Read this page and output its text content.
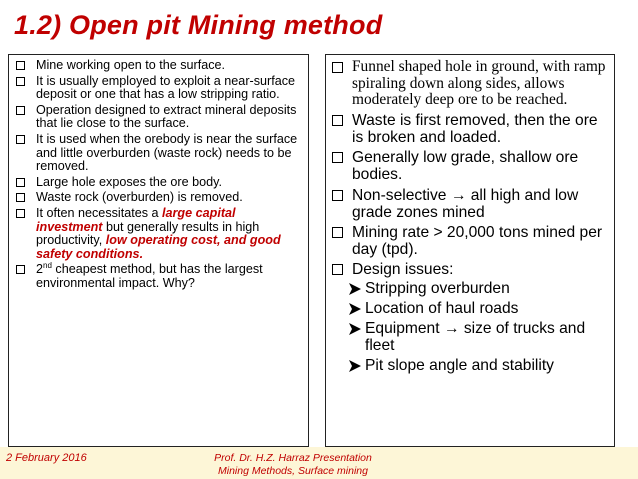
1.2) Open pit Mining method
Mine working open to the surface.
It is usually employed to exploit a near-surface deposit or one that has a low stripping ratio.
Operation designed to extract mineral deposits that lie close to the surface.
It is used when the orebody is near the surface and little overburden (waste rock) needs to be removed.
Large hole exposes the ore body.
Waste rock (overburden) is removed.
It often necessitates a large capital investment but generally results in high productivity, low operating cost, and good safety conditions.
2nd cheapest method, but has the largest environmental impact. Why?
Funnel shaped hole in ground, with ramp spiraling down along sides, allows moderately deep ore to be reached.
Waste is first removed, then the ore is broken and loaded.
Generally low grade, shallow ore bodies.
Non-selective → all high and low grade zones mined
Mining rate > 20,000 tons mined per day (tpd).
Design issues:
Stripping overburden
Location of haul roads
Equipment → size of trucks and fleet
Pit slope angle and stability
2 February 2016	Prof. Dr. H.Z. Harraz Presentation
Mining Methods, Surface mining
